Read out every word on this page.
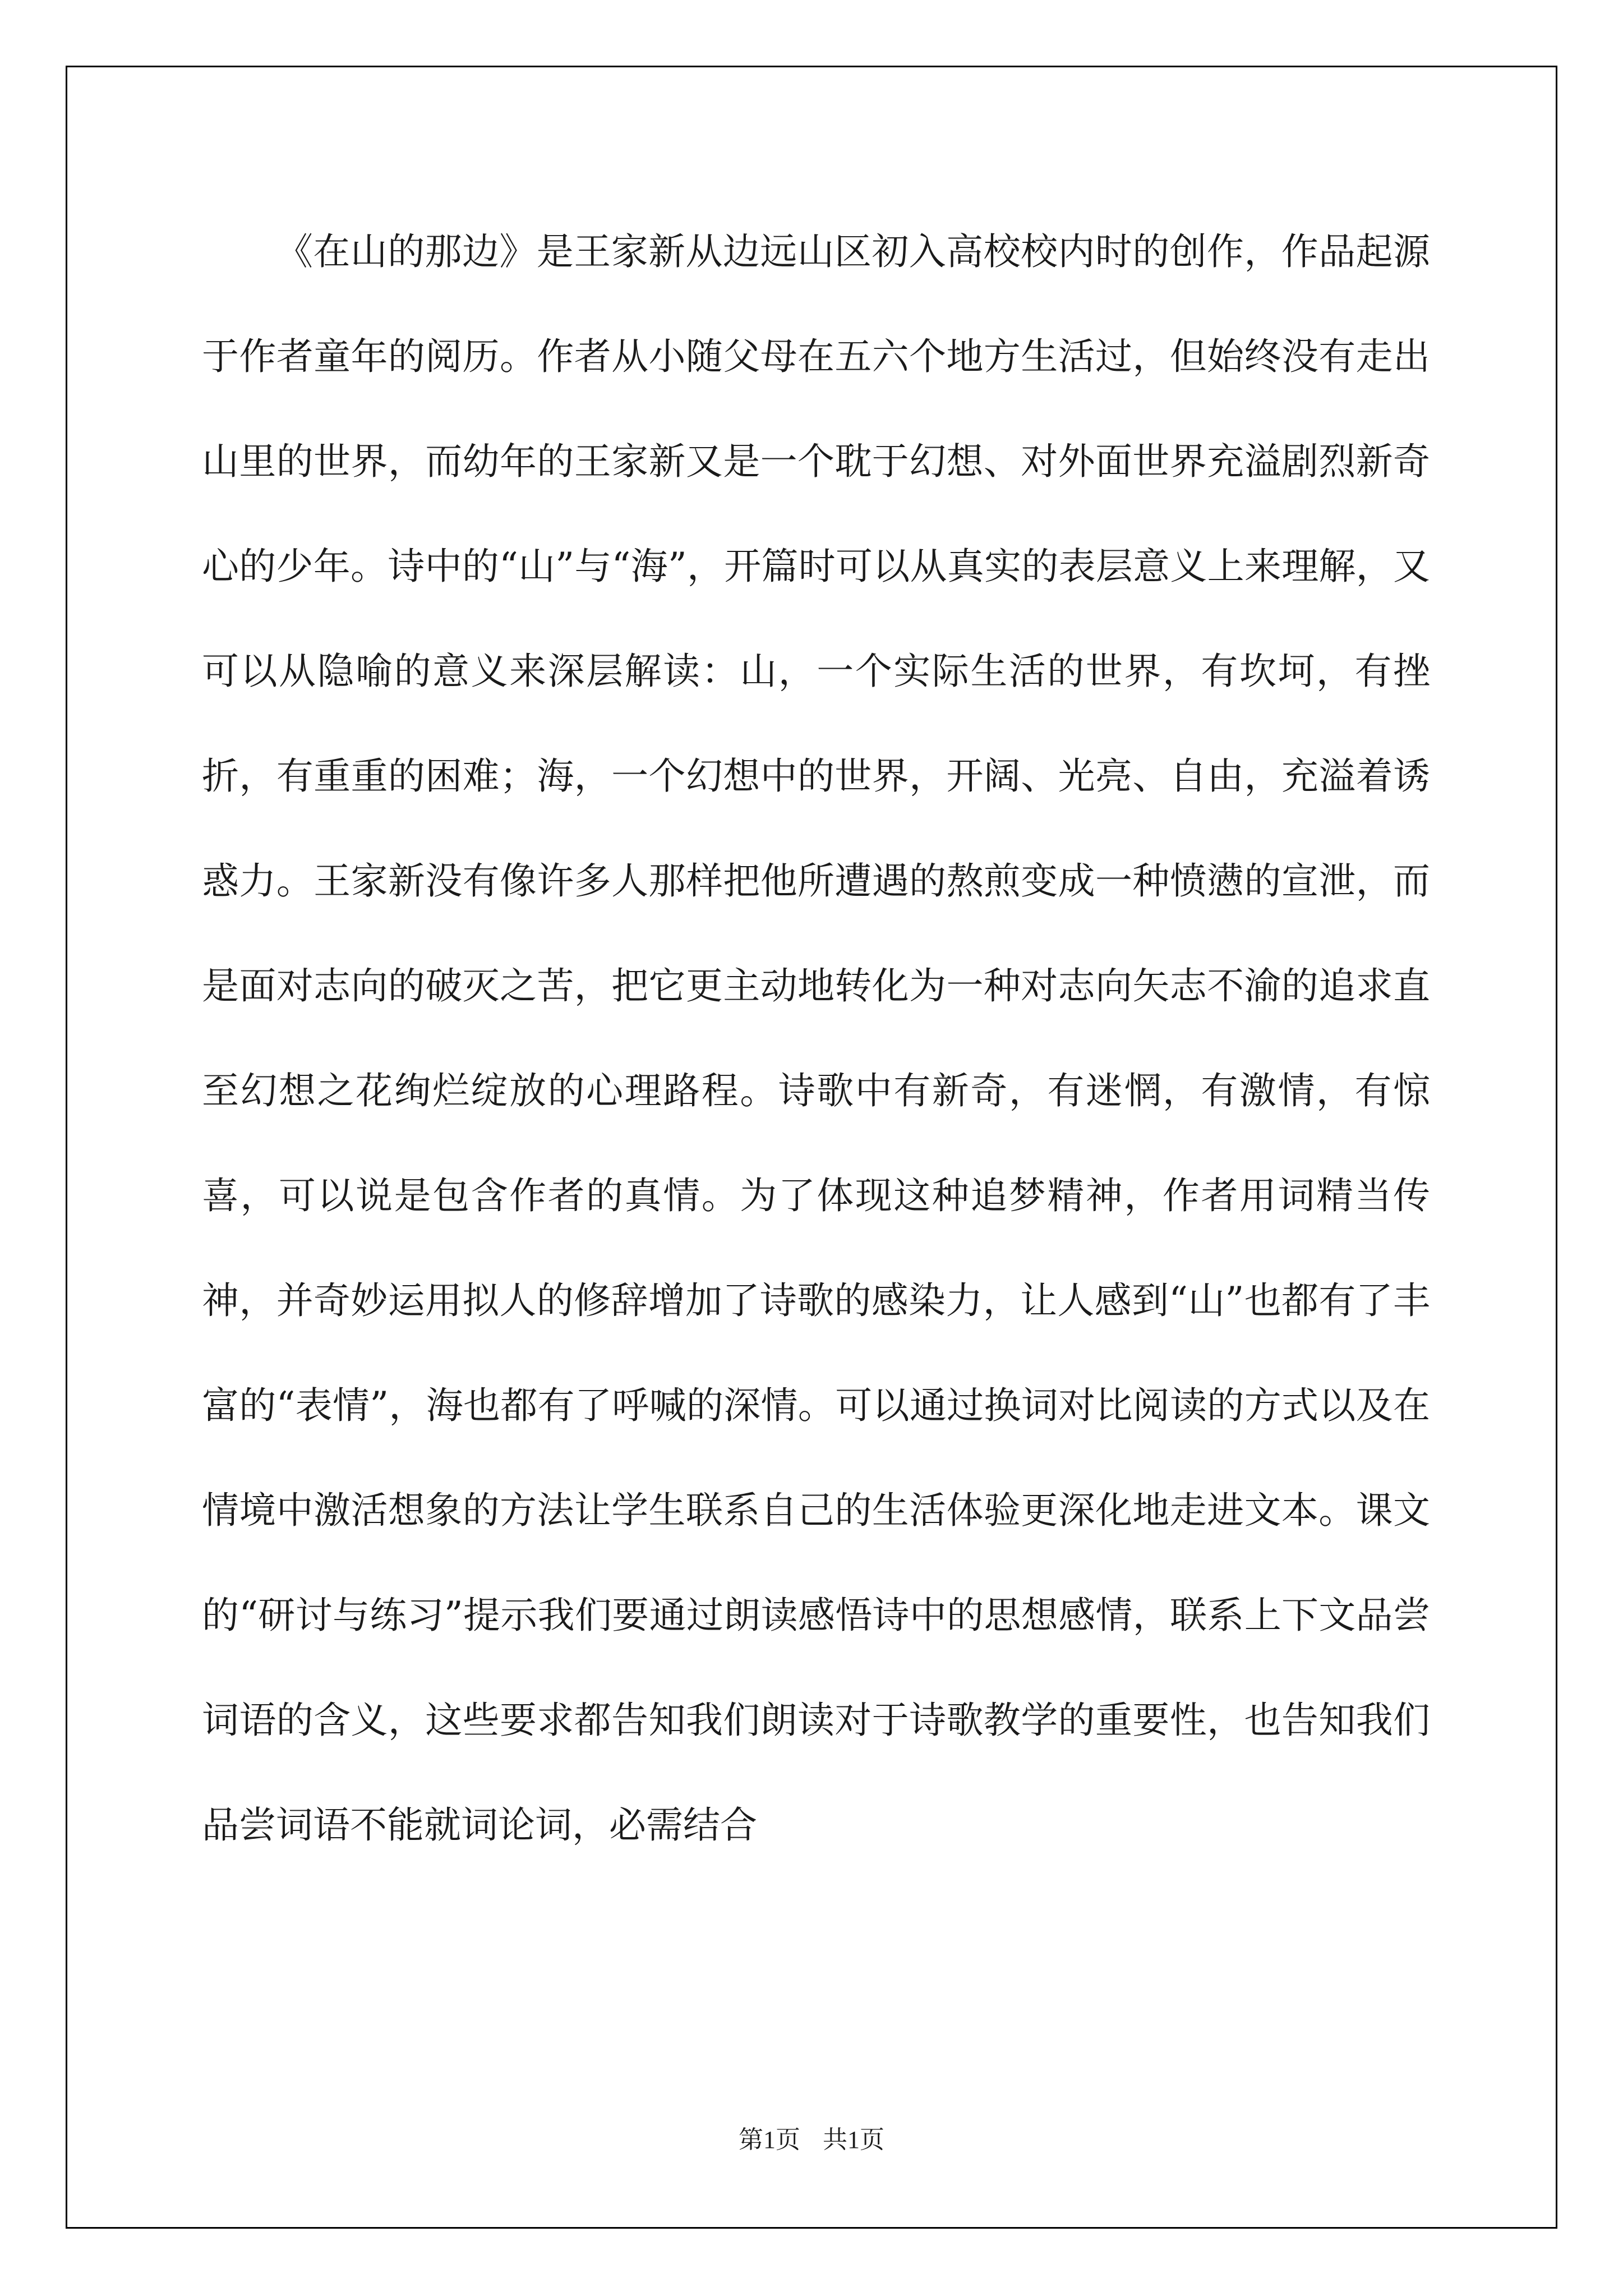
《在山的那边》是王家新从边远山区初入高校校内时的创作，作品起源于作者童年的阅历。作者从小随父母在五六个地方生活过，但始终没有走出山里的世界，而幼年的王家新又是一个耽于幻想、对外面世界充溢剧烈新奇心的少年。诗中的“山”与“海”，开篇时可以从真实的表层意义上来理解，又可以从隐喻的意义来深层解读：山，一个实际生活的世界，有坎坷，有挫折，有重重的困难；海，一个幻想中的世界，开阔、光亮、自由，充溢着诱惑力。王家新没有像许多人那样把他所遭遇的熬煎变成一种愤懑的宣泄，而是面对志向的破灭之苦，把它更主动地转化为一种对志向矢志不渝的追求直至幻想之花绚烂绽放的心理路程。诗歌中有新奇，有迷惘，有激情，有惊喜，可以说是包含作者的真情。为了体现这种追梦精神，作者用词精当传神，并奇妙运用拟人的修辞增加了诗歌的感染力，让人感到“山”也都有了丰富的“表情”，海也都有了呼喊的深情。可以通过换词对比阅读的方式以及在情境中激活想象的方法让学生联系自己的生活体验更深化地走进文本。课文的“研讨与练习”提示我们要通过朗读感悟诗中的思想感情，联系上下文品尝词语的含义，这些要求都告知我们朗读对于诗歌教学的重要性，也告知我们品尝词语不能就词论词，必需结合

第1页 共1页
